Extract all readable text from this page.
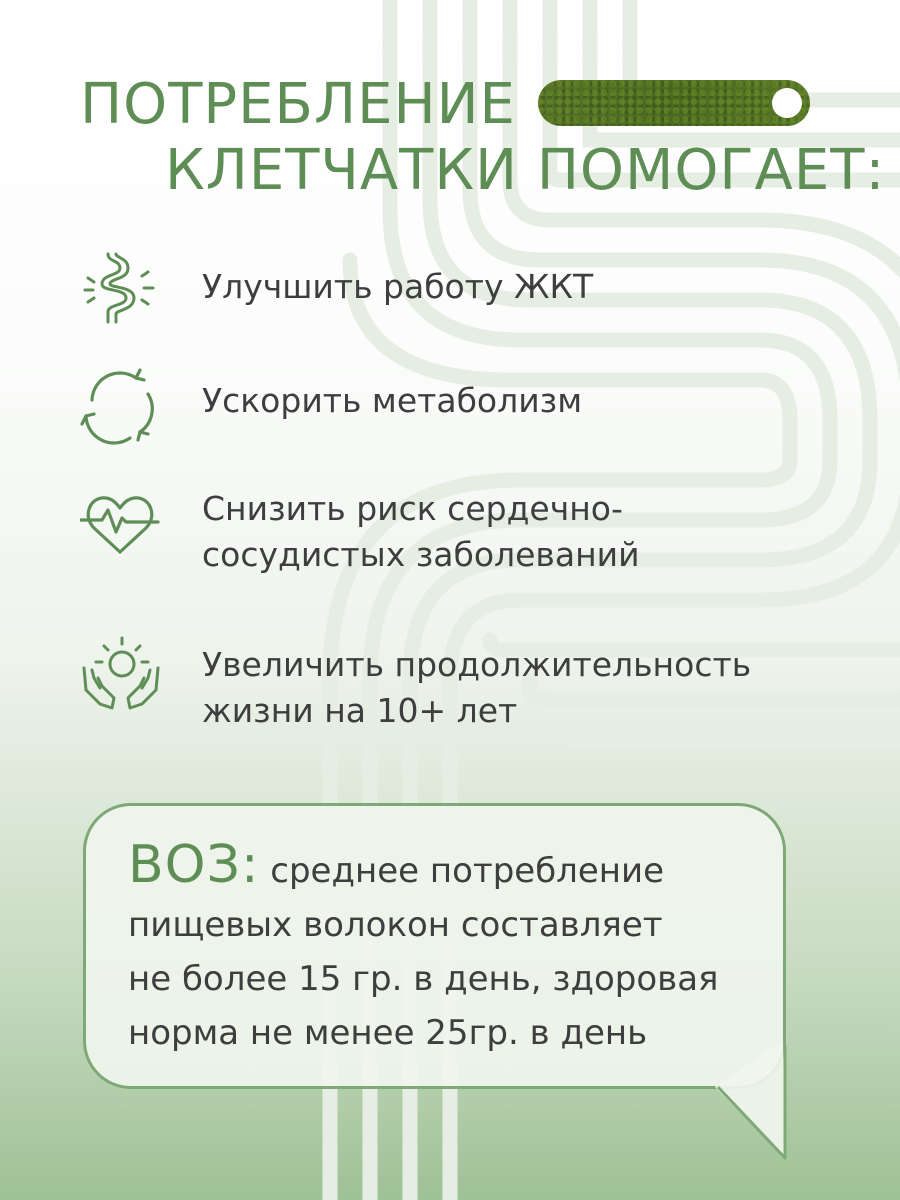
ПОТРЕБЛЕНИЕ
КЛЕТЧАТКИ ПОМОГАЕТ:
Улучшить работу ЖКТ
Ускорить метаболизм
Снизить риск сердечно-
сосудистых заболеваний
Увеличить продолжительность
жизни на 10+ лет
ВОЗ: среднее потребление
пищевых волокон составляет
не более 15 гр. в день, здоровая
норма не менее 25гр. в день
